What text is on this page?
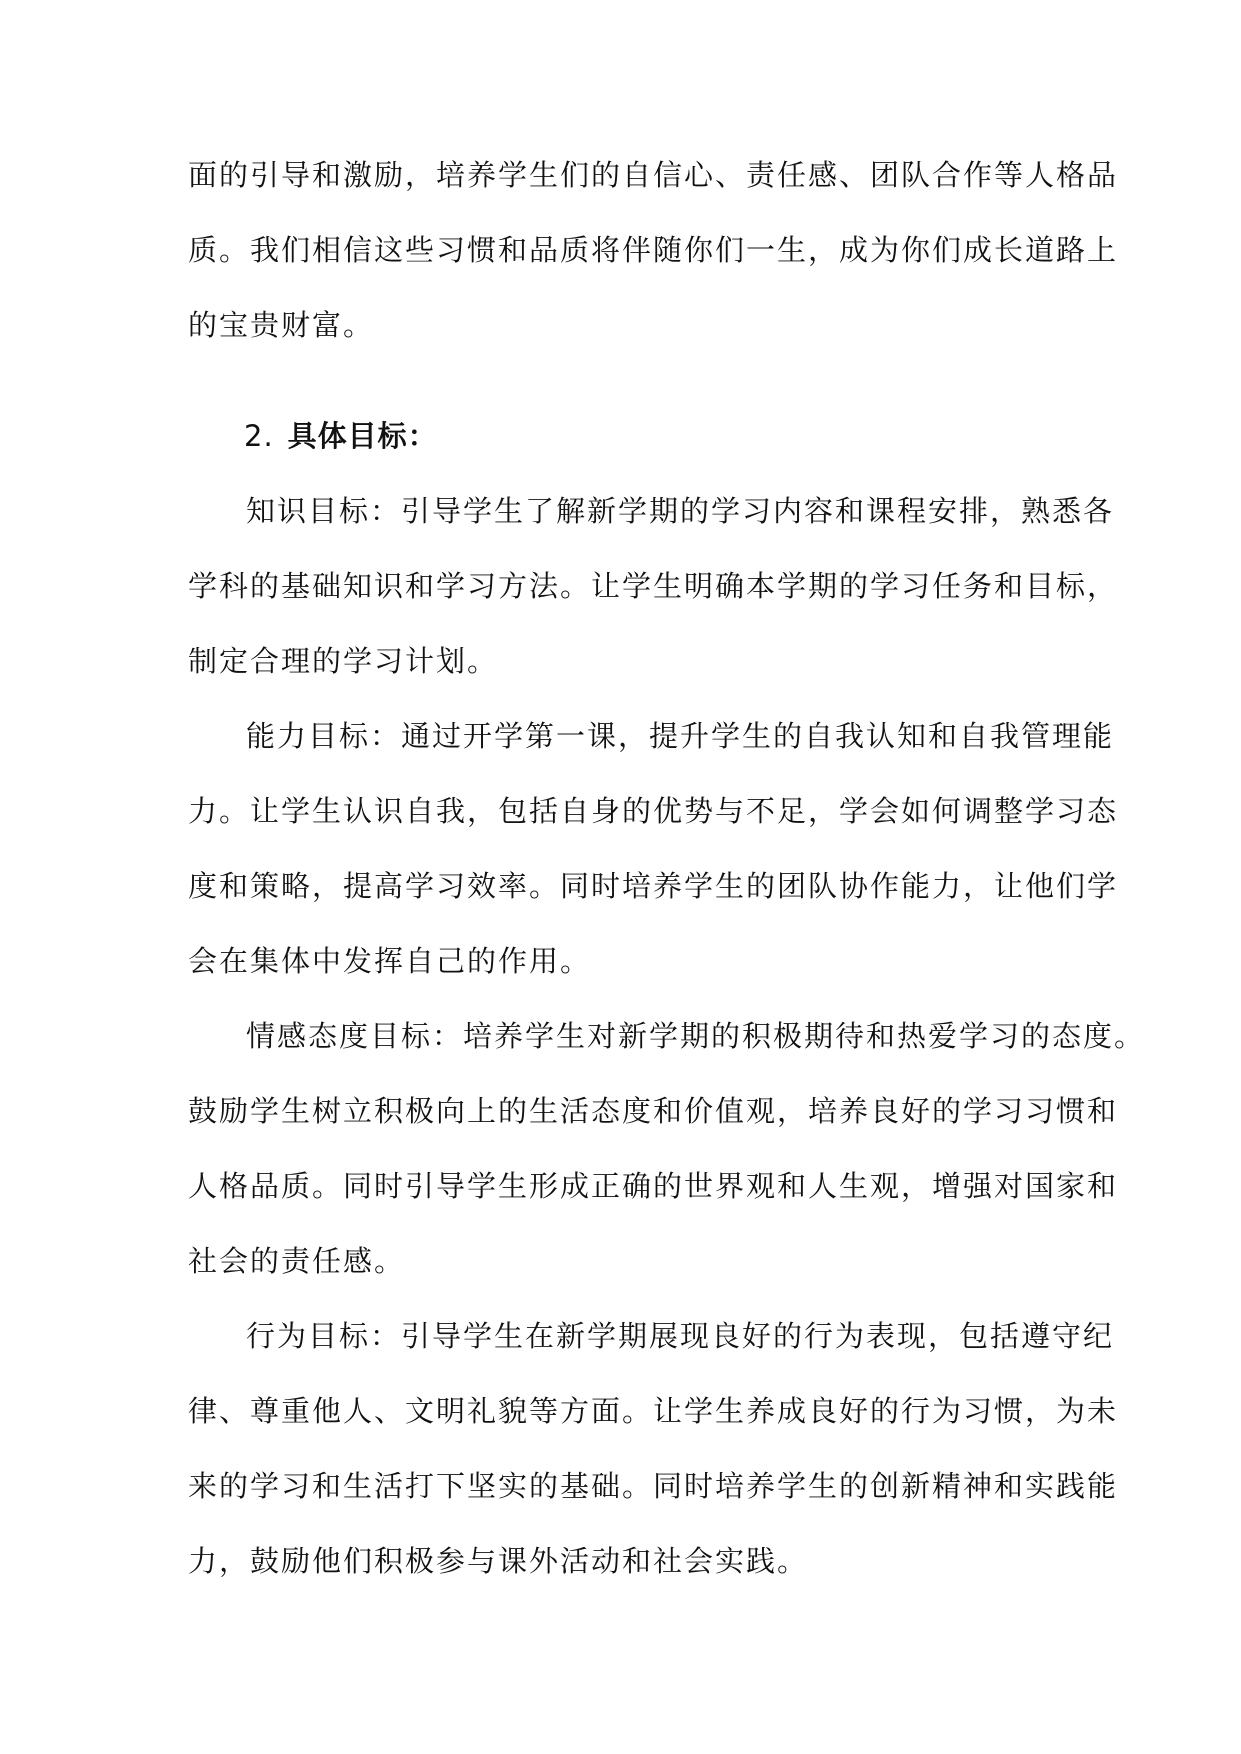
面的引导和激励，培养学生们的自信心、责任感、团队合作等人格品
质。我们相信这些习惯和品质将伴随你们一生，成为你们成长道路上
的宝贵财富。

2. 具体目标：

知识目标：引导学生了解新学期的学习内容和课程安排，熟悉各
学科的基础知识和学习方法。让学生明确本学期的学习任务和目标，
制定合理的学习计划。

能力目标：通过开学第一课，提升学生的自我认知和自我管理能
力。让学生认识自我，包括自身的优势与不足，学会如何调整学习态
度和策略，提高学习效率。同时培养学生的团队协作能力，让他们学
会在集体中发挥自己的作用。

情感态度目标：培养学生对新学期的积极期待和热爱学习的态度。
鼓励学生树立积极向上的生活态度和价值观，培养良好的学习习惯和
人格品质。同时引导学生形成正确的世界观和人生观，增强对国家和
社会的责任感。

行为目标：引导学生在新学期展现良好的行为表现，包括遵守纪
律、尊重他人、文明礼貌等方面。让学生养成良好的行为习惯，为未
来的学习和生活打下坚实的基础。同时培养学生的创新精神和实践能
力，鼓励他们积极参与课外活动和社会实践。
